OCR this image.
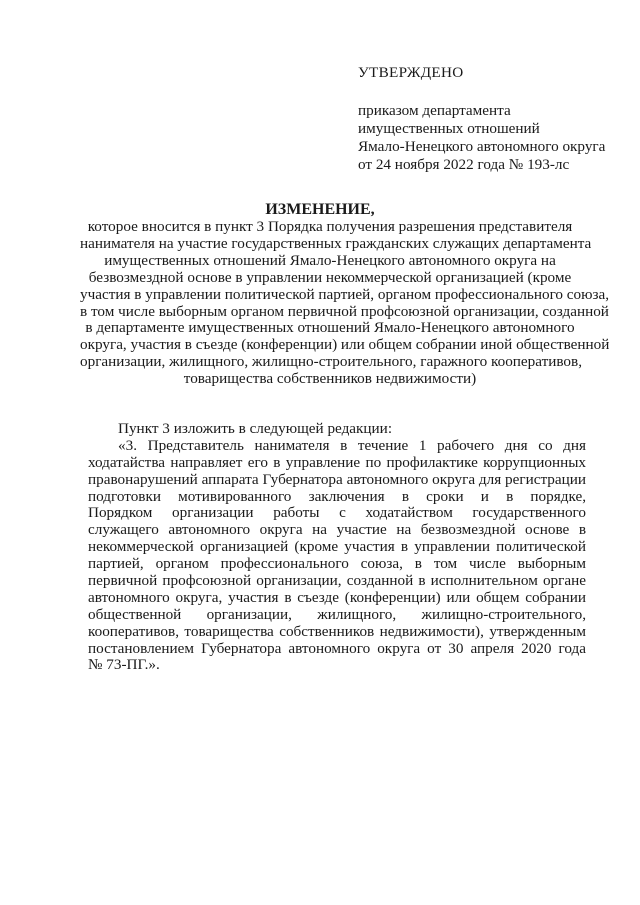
УТВЕРЖДЕНО
приказом департамента
имущественных отношений
Ямало-Ненецкого автономного округа
от 24 ноября 2022 года № 193-лс
ИЗМЕНЕНИЕ,
которое вносится в пункт 3 Порядка получения разрешения представителя
нанимателя на участие государственных гражданских служащих департамента
имущественных отношений Ямало-Ненецкого автономного округа на
безвозмездной основе в управлении некоммерческой организацией (кроме
участия в управлении политической партией, органом профессионального союза,
в том числе выборным органом первичной профсоюзной организации, созданной
в департаменте имущественных отношений Ямало-Ненецкого автономного
округа, участия в съезде (конференции) или общем собрании иной общественной
организации, жилищного, жилищно-строительного, гаражного кооперативов,
товарищества собственников недвижимости)
Пункт 3 изложить в следующей редакции:
«3. Представитель нанимателя в течение 1 рабочего дня со дня
ходатайства направляет его в управление по профилактике коррупционных
правонарушений аппарата Губернатора автономного округа для регистрации
подготовки мотивированного заключения в сроки и в порядке,
Порядком организации работы с ходатайством государственного
служащего автономного округа на участие на безвозмездной основе в
некоммерческой организацией (кроме участия в управлении политической
партией, органом профессионального союза, в том числе выборным
первичной профсоюзной организации, созданной в исполнительном органе
автономного округа, участия в съезде (конференции) или общем собрании
общественной организации, жилищного, жилищно-строительного,
кооперативов, товарищества собственников недвижимости), утвержденным
постановлением Губернатора автономного округа от 30 апреля 2020 года
№ 73-ПГ.».
